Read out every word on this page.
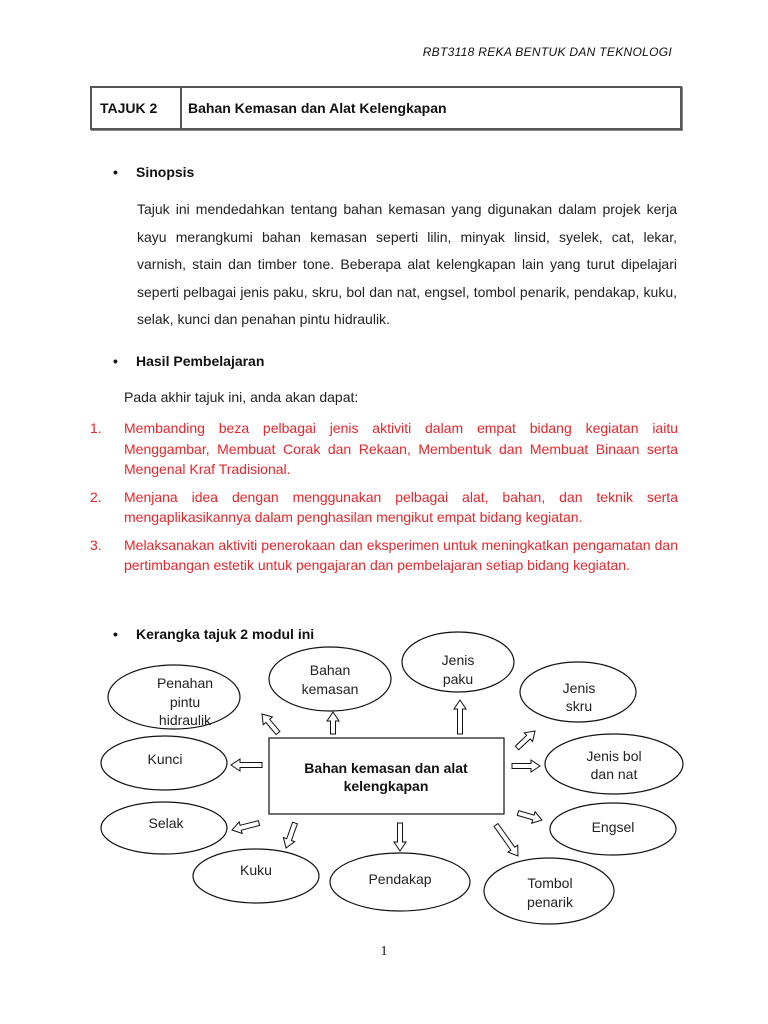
RBT3118 REKA BENTUK DAN TEKNOLOGI
TAJUK 2	Bahan Kemasan dan Alat Kelengkapan
• Sinopsis
Tajuk ini mendedahkan tentang bahan kemasan yang digunakan dalam projek kerja kayu merangkumi bahan kemasan seperti lilin, minyak linsid, syelek, cat, lekar, varnish, stain dan timber tone. Beberapa alat kelengkapan lain yang turut dipelajari seperti pelbagai jenis paku, skru, bol dan nat, engsel, tombol penarik, pendakap, kuku, selak, kunci dan penahan pintu hidraulik.
• Hasil Pembelajaran
Pada akhir tajuk ini, anda akan dapat:
1. Membanding beza pelbagai jenis aktiviti dalam empat bidang kegiatan iaitu Menggambar, Membuat Corak dan Rekaan, Membentuk dan Membuat Binaan serta Mengenal Kraf Tradisional.
2. Menjana idea dengan menggunakan pelbagai alat, bahan, dan teknik serta mengaplikasikannya dalam penghasilan mengikut empat bidang kegiatan.
3. Melaksanakan aktiviti penerokaan dan eksperimen untuk meningkatkan pengamatan dan pertimbangan estetik untuk pengajaran dan pembelajaran setiap bidang kegiatan.
• Kerangka tajuk 2 modul ini
Bahan kemasan dan alat
kelengkapan
Penahan
pintu
hidraulik
Bahan
kemasan
Jenis
paku
Jenis
skru
Kunci	Jenis bol
dan nat
Selak	Engsel
Kuku
Pendakap	Tombol
penarik
1
